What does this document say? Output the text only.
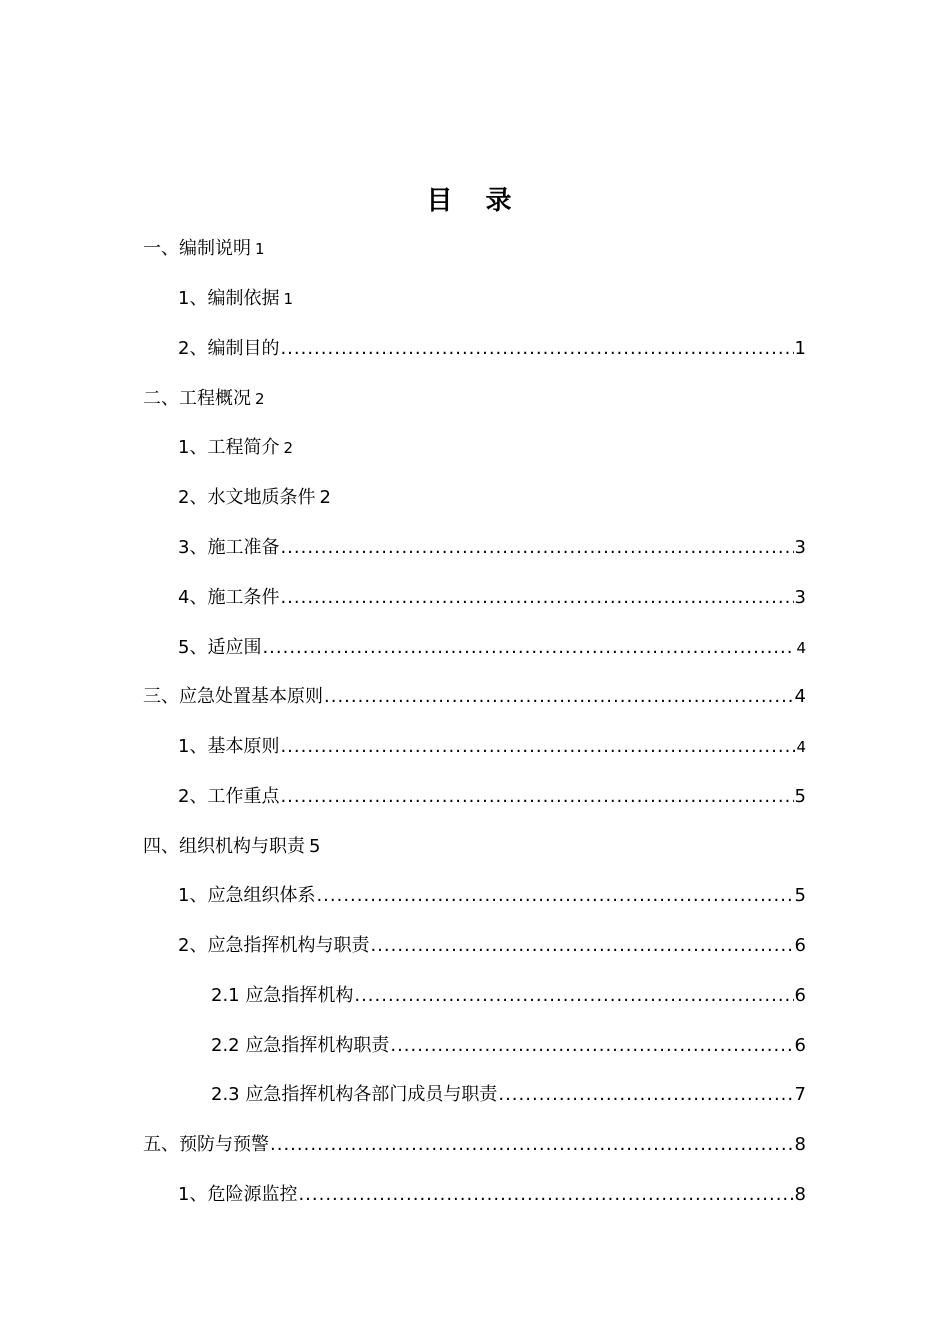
目 录
一、编制说明 1
1、编制依据 1
2、编制目的 .....	1
二、工程概况 2
1、工程简介 2
2、水文地质条件 2
3、施工准备 .....	3
4、施工条件 .....	3
5、适应围 .....	4
三、应急处置基本原则 .....	4
1、基本原则 .....	4
2、工作重点 .....	5
四、组织机构与职责 5
1、应急组织体系 .....	5
2、应急指挥机构与职责 .....	6
2.1 应急指挥机构 .....	6
2.2 应急指挥机构职责 .....	6
2.3 应急指挥机构各部门成员与职责 .....	7
五、预防与预警 .....	8
1、危险源监控 .....	8
